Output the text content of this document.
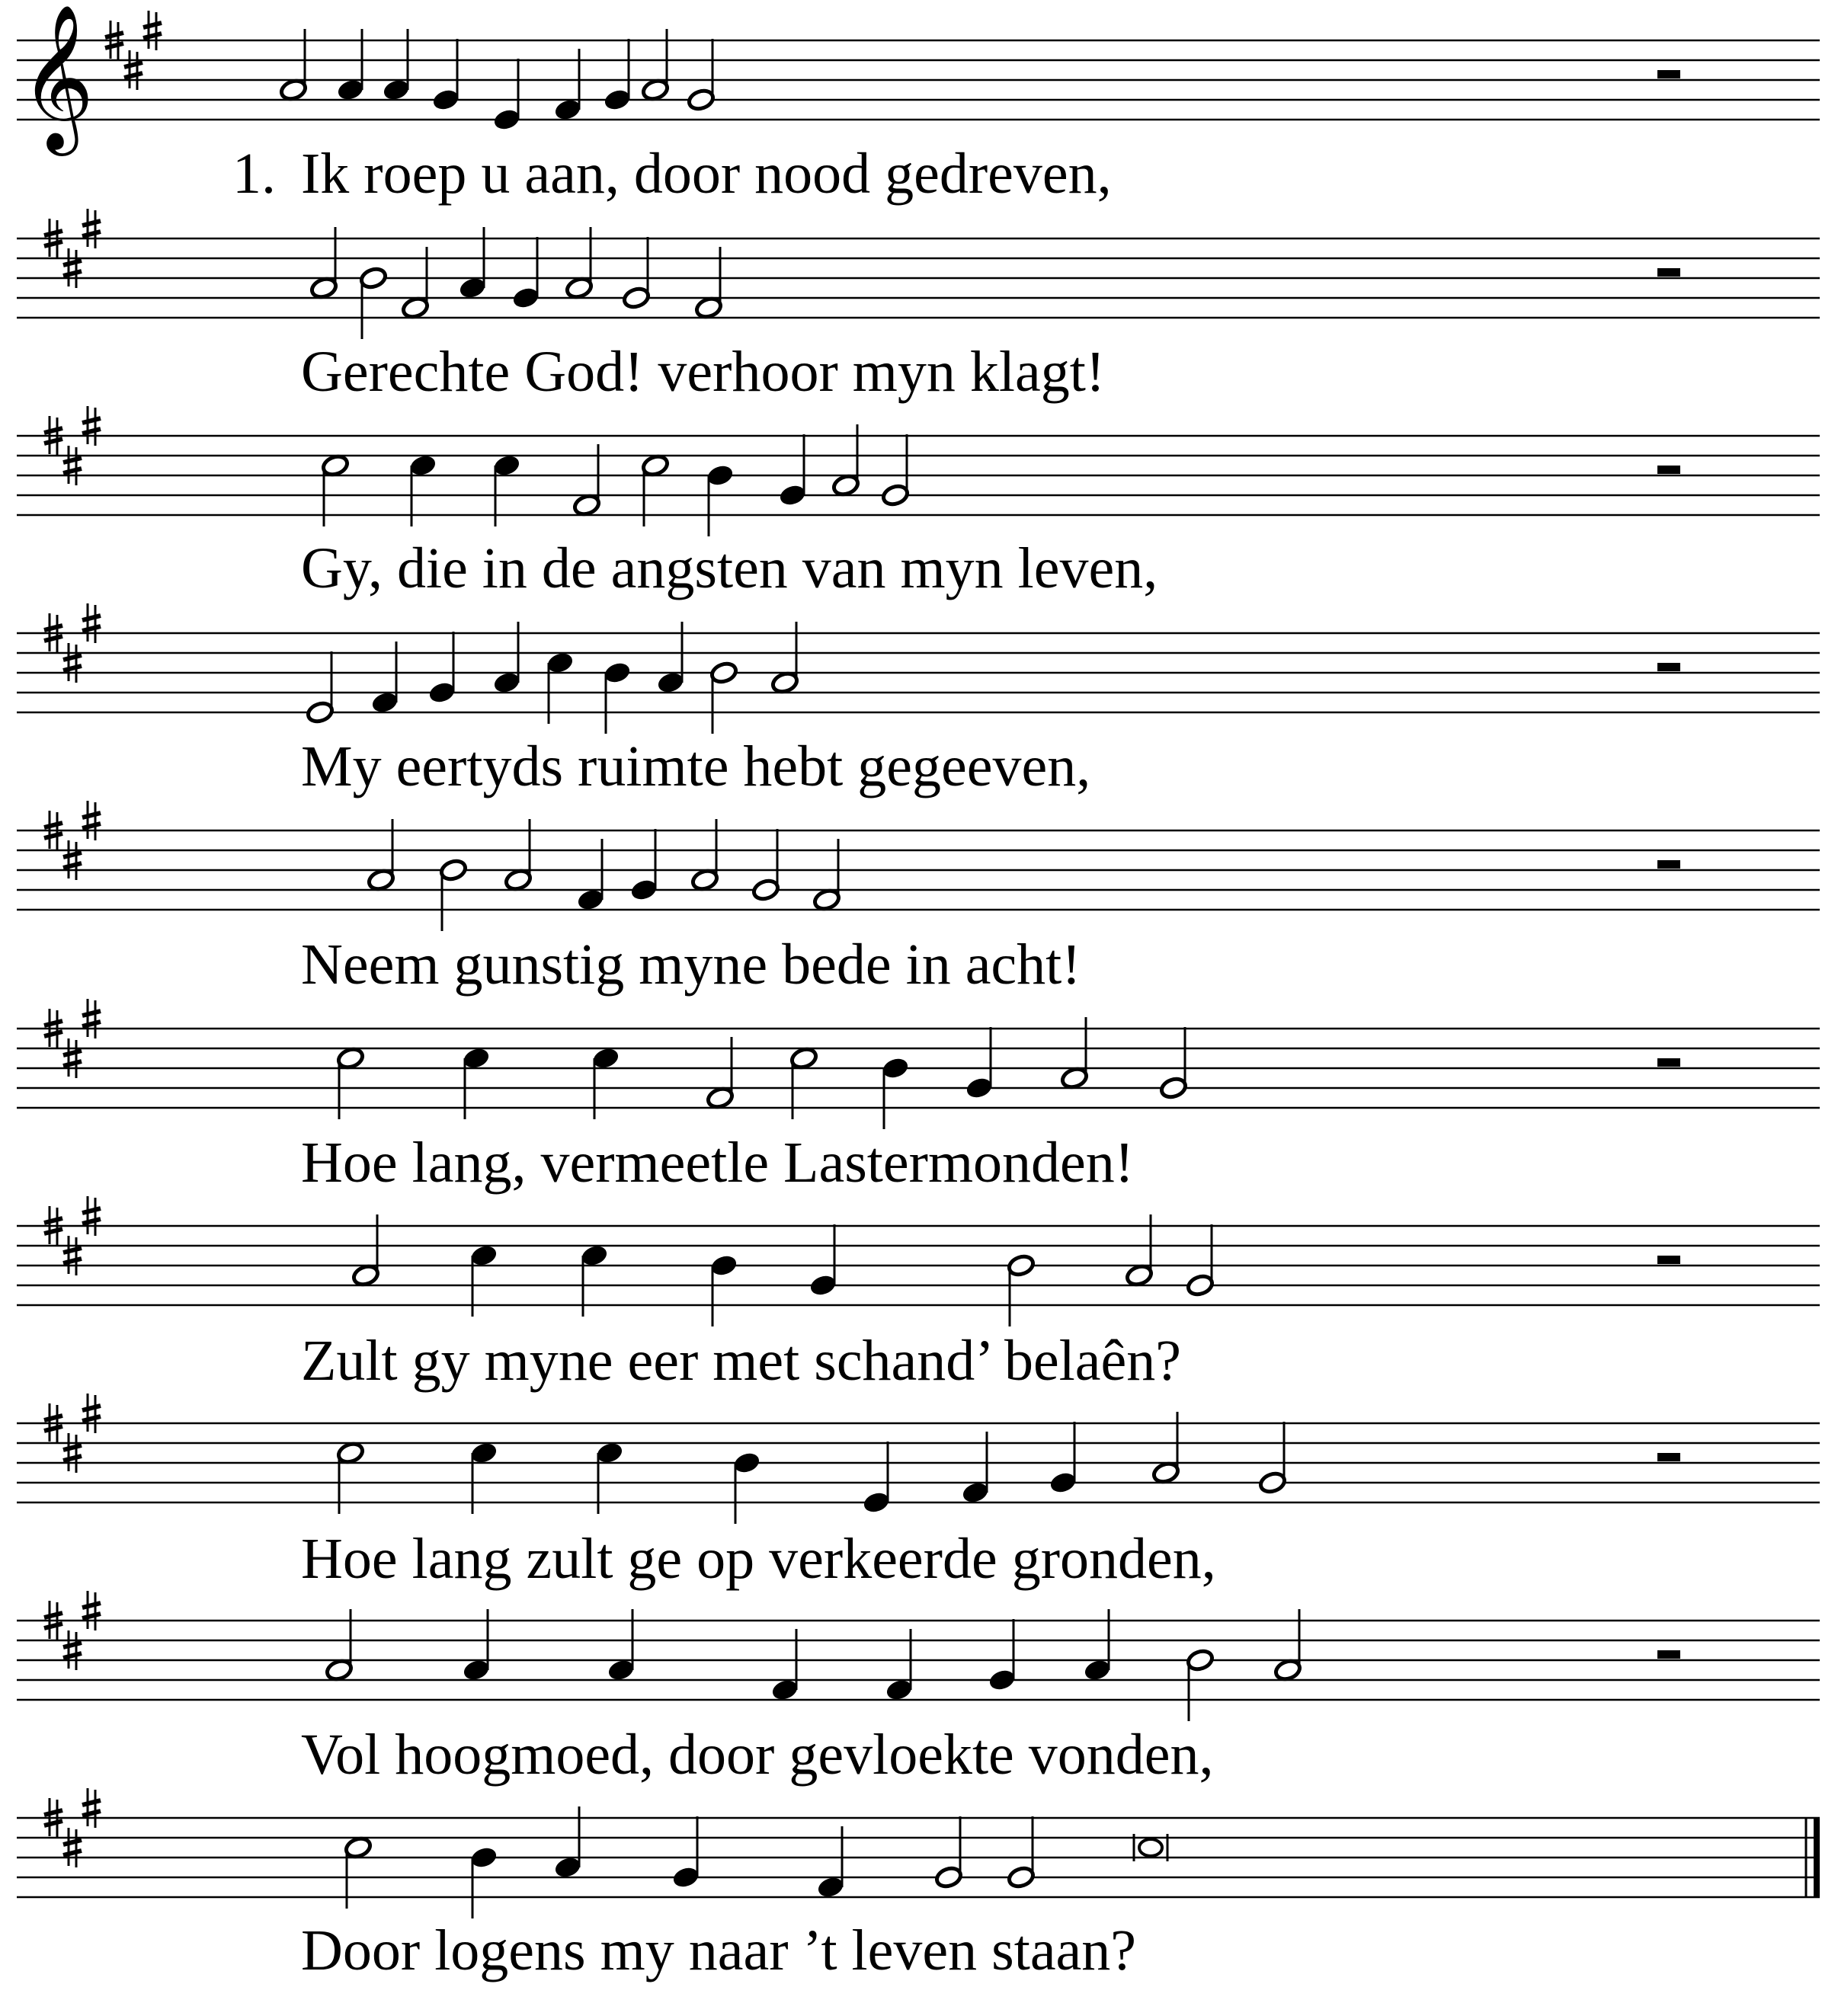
𝄞
1. Ik roep u aan, door nood gedreven,
Gerechte God! verhoor myn klagt!
Gy, die in de angsten van myn leven,
My eertyds ruimte hebt gegeeven,
Neem gunstig myne bede in acht!
Hoe lang, vermeetle Lastermonden!
Zult gy myne eer met schand’ belaên?
Hoe lang zult ge op verkeerde gronden,
Vol hoogmoed, door gevloekte vonden,
Door logens my naar ’t leven staan?
